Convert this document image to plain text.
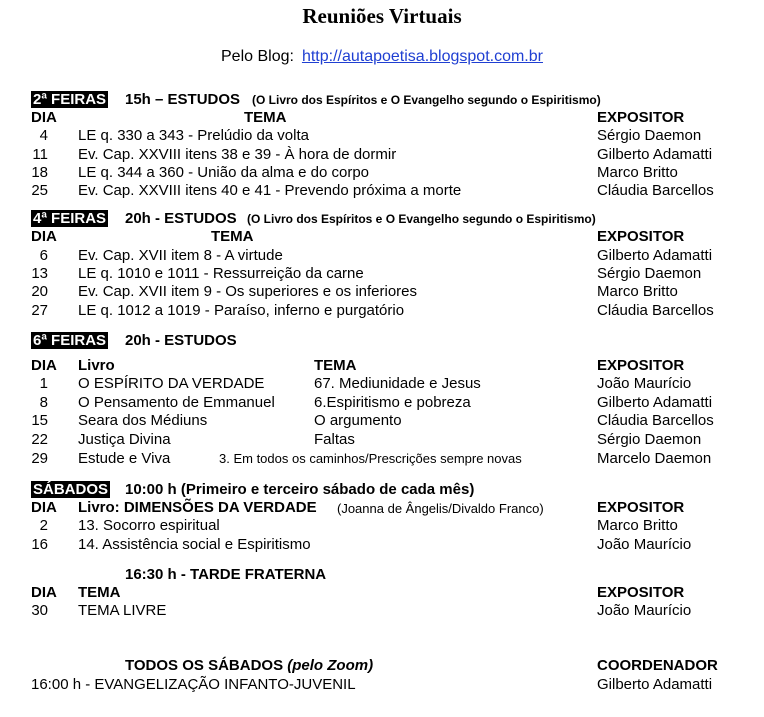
Reuniões Virtuais
Pelo Blog: http://autapoetisa.blogspot.com.br
2ª FEIRAS 15h – ESTUDOS (O Livro dos Espíritos e O Evangelho segundo o Espiritismo)
DIA	TEMA	EXPOSITOR
4 LE q. 330 a 343 - Prelúdio da volta	Sérgio Daemon
11 Ev. Cap. XXVIII itens 38 e 39 - À hora de dormir	Gilberto Adamatti
18 LE q. 344 a 360 - União da alma e do corpo	Marco Britto
25 Ev. Cap. XXVIII itens 40 e 41 - Prevendo próxima a morte	Cláudia Barcellos
4ª FEIRAS 20h - ESTUDOS (O Livro dos Espíritos e O Evangelho segundo o Espiritismo)
DIA	TEMA	EXPOSITOR
6 Ev. Cap. XVII item 8 - A virtude	Gilberto Adamatti
13 LE q. 1010 e 1011 - Ressurreição da carne	Sérgio Daemon
20 Ev. Cap. XVII item 9 - Os superiores e os inferiores	Marco Britto
27 LE q. 1012 a 1019 - Paraíso, inferno e purgatório	Cláudia Barcellos
6ª FEIRAS 20h - ESTUDOS
DIA Livro	TEMA	EXPOSITOR
1 O ESPÍRITO DA VERDADE	67. Mediunidade e Jesus	João Maurício
8 O Pensamento de Emmanuel	6.Espiritismo e pobreza	Gilberto Adamatti
15 Seara dos Médiuns	O argumento	Cláudia Barcellos
22 Justiça Divina	Faltas	Sérgio Daemon
29 Estude e Viva	3. Em todos os caminhos/Prescrições sempre novas	Marcelo Daemon
SÁBADOS 10:00 h (Primeiro e terceiro sábado de cada mês)
DIA Livro: DIMENSÕES DA VERDADE (Joanna de Ângelis/Divaldo Franco)	EXPOSITOR
2 13. Socorro espiritual	Marco Britto
16 14. Assistência social e Espiritismo	João Maurício
16:30 h - TARDE FRATERNA
DIA TEMA	EXPOSITOR
30 TEMA LIVRE	João Maurício
TODOS OS SÁBADOS (pelo Zoom)	COORDENADOR
16:00 h - EVANGELIZAÇÃO INFANTO-JUVENIL	Gilberto Adamatti
